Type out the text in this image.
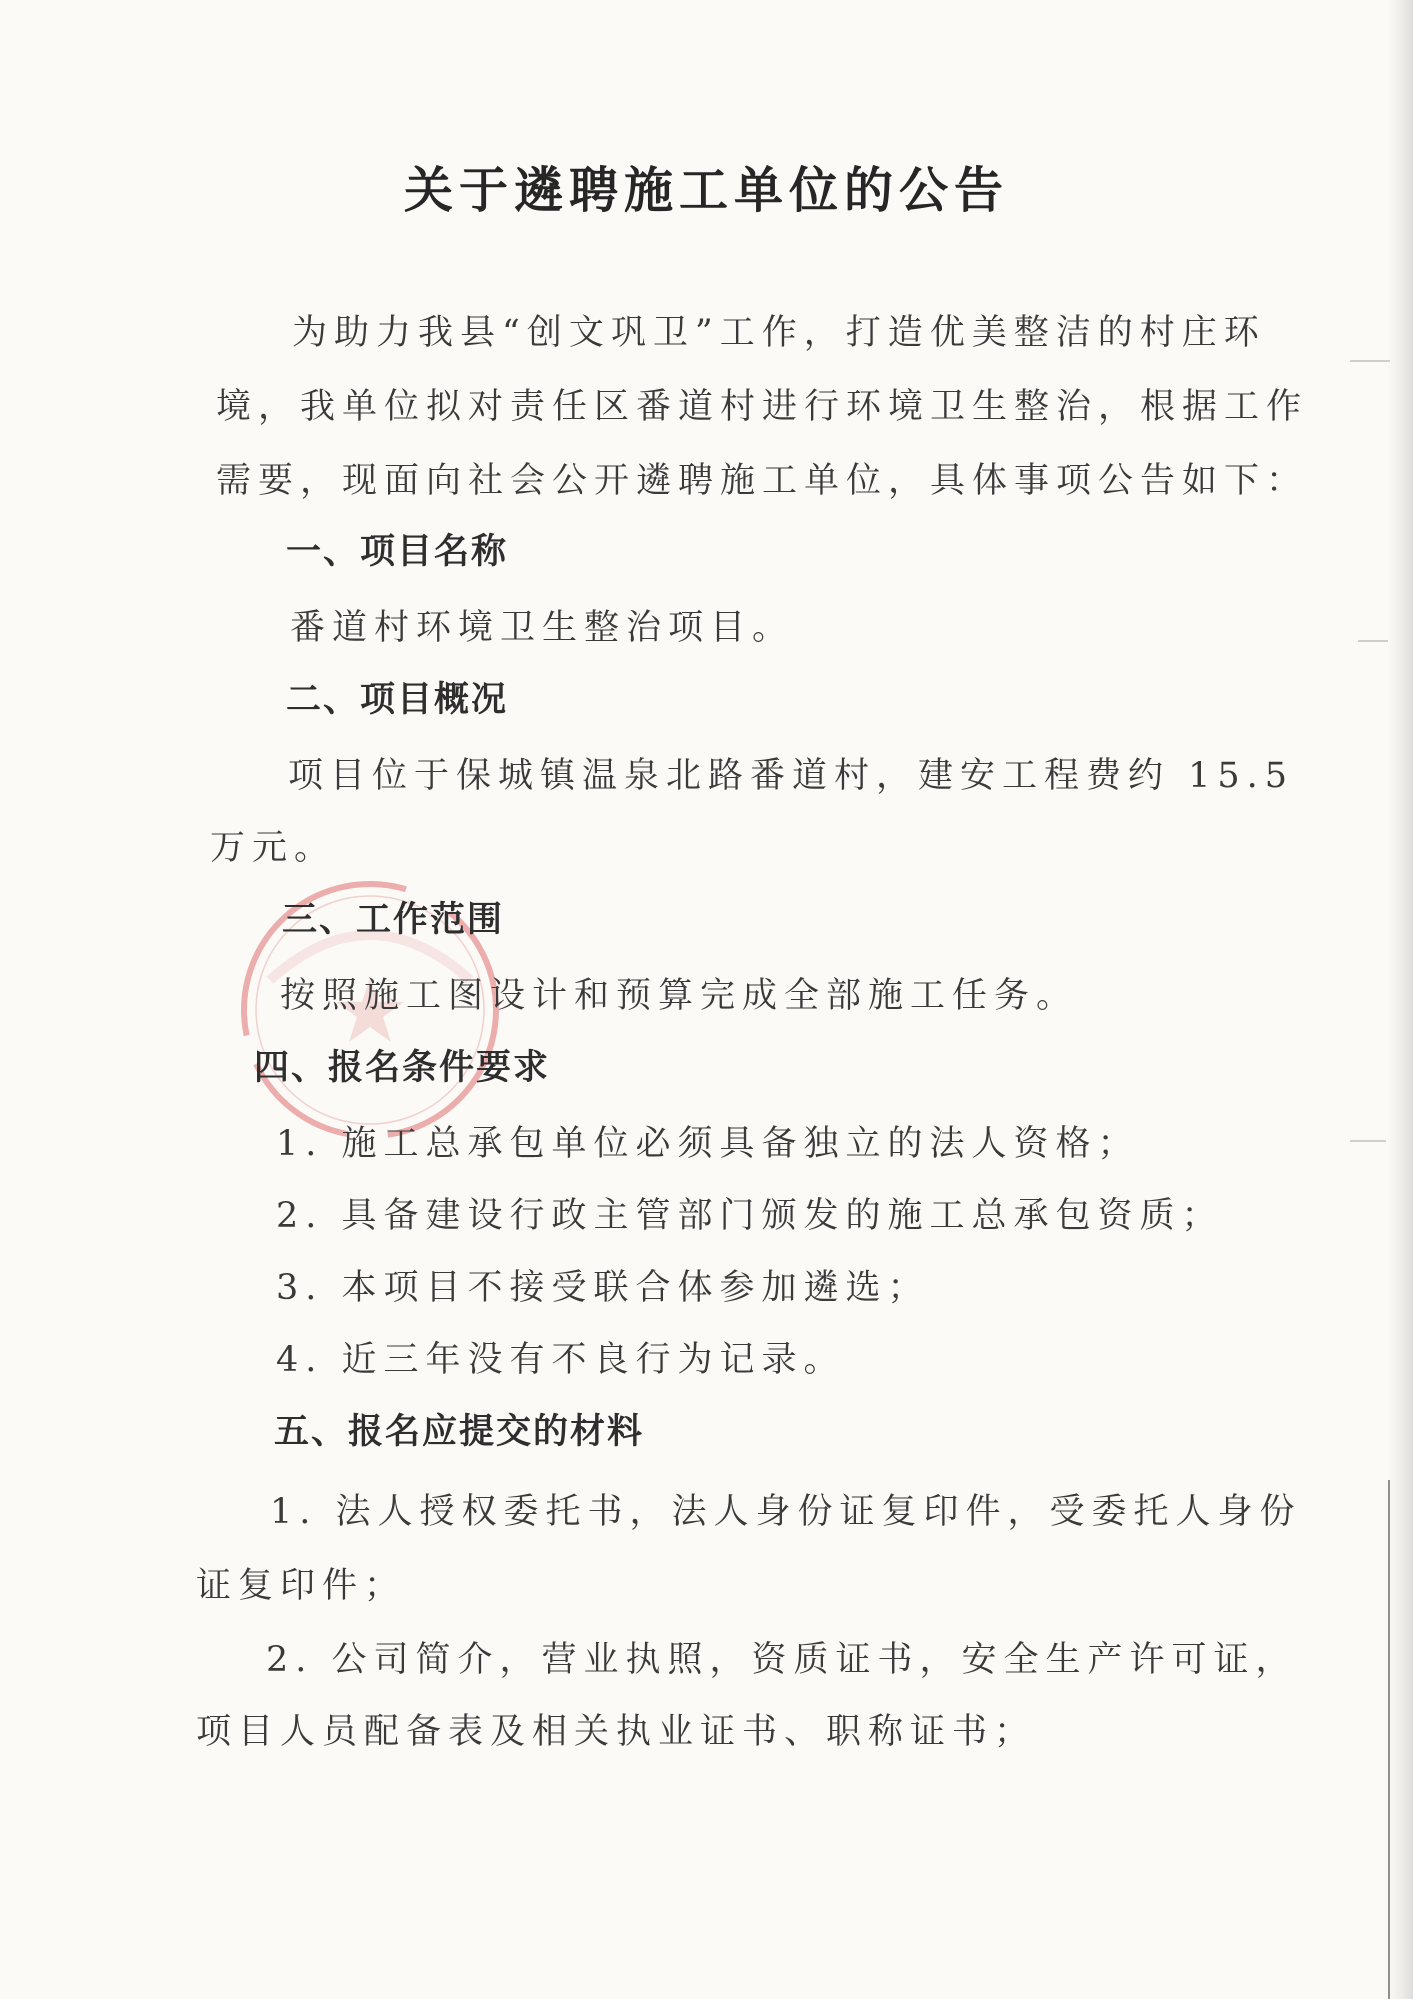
关于遴聘施工单位的公告
为助力我县“创文巩卫”工作，打造优美整洁的村庄环
境，我单位拟对责任区番道村进行环境卫生整治，根据工作
需要，现面向社会公开遴聘施工单位，具体事项公告如下：
一、项目名称
番道村环境卫生整治项目。
二、项目概况
项目位于保城镇温泉北路番道村，建安工程费约 15.5
万元。
三、工作范围
按照施工图设计和预算完成全部施工任务。
四、报名条件要求
1. 施工总承包单位必须具备独立的法人资格；
2. 具备建设行政主管部门颁发的施工总承包资质；
3. 本项目不接受联合体参加遴选；
4. 近三年没有不良行为记录。
五、报名应提交的材料
1. 法人授权委托书，法人身份证复印件，受委托人身份
证复印件；
2. 公司简介，营业执照，资质证书，安全生产许可证，
项目人员配备表及相关执业证书、职称证书；
